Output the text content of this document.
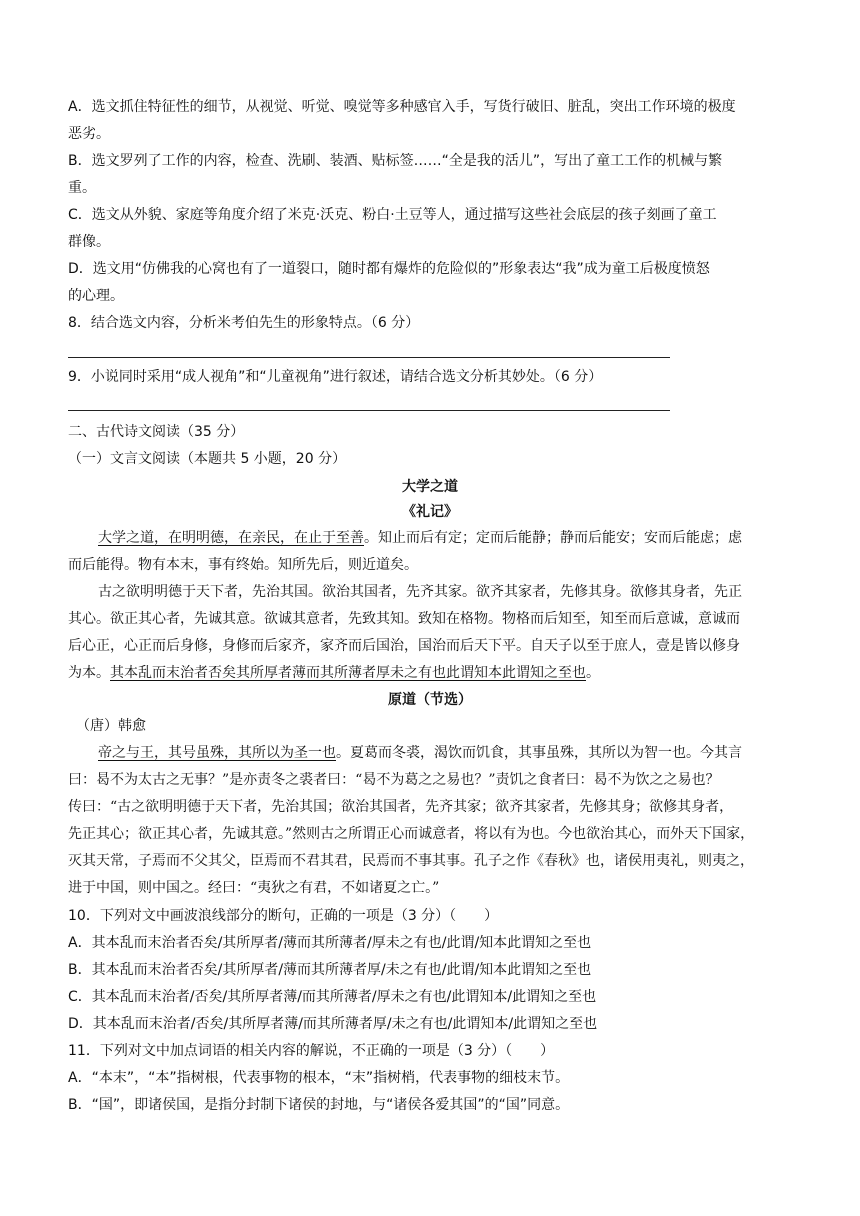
A．选文抓住特征性的细节，从视觉、听觉、嗅觉等多种感官入手，写货行破旧、脏乱，突出工作环境的极度
恶劣。
B．选文罗列了工作的内容，检查、洗刷、装酒、贴标签……“全是我的活儿”，写出了童工工作的机械与繁
重。
C．选文从外貌、家庭等角度介绍了米克·沃克、粉白·土豆等人，通过描写这些社会底层的孩子刻画了童工
群像。
D．选文用“仿佛我的心窝也有了一道裂口，随时都有爆炸的危险似的”形象表达“我”成为童工后极度愤怒
的心理。
8．结合选文内容，分析米考伯先生的形象特点。（6 分）
9．小说同时采用“成人视角”和“儿童视角”进行叙述，请结合选文分析其妙处。（6 分）
二、古代诗文阅读（35 分）
（一）文言文阅读（本题共 5 小题，20 分）
大学之道
《礼记》
大学之道，在明明德，在亲民，在止于至善。知止而后有定；定而后能静；静而后能安；安而后能虑；虑
而后能得。物有本末，事有终始。知所先后，则近道矣。
古之欲明明德于天下者，先治其国。欲治其国者，先齐其家。欲齐其家者，先修其身。欲修其身者，先正
其心。欲正其心者，先诚其意。欲诚其意者，先致其知。致知在格物。物格而后知至，知至而后意诚，意诚而
后心正，心正而后身修，身修而后家齐，家齐而后国治，国治而后天下平。自天子以至于庶人，壹是皆以修身
为本。其本乱而末治者否矣其所厚者薄而其所薄者厚未之有也此谓知本此谓知之至也。
原道（节选）
（唐）韩愈
帝之与王，其号虽殊，其所以为圣一也。夏葛而冬裘，渴饮而饥食，其事虽殊，其所以为智一也。今其言
曰：曷不为太古之无事？”是亦责冬之裘者曰：“曷不为葛之之易也？”责饥之食者曰：曷不为饮之之易也？
传曰：“古之欲明明德于天下者，先治其国；欲治其国者，先齐其家；欲齐其家者，先修其身；欲修其身者，
先正其心；欲正其心者，先诚其意。”然则古之所谓正心而诚意者，将以有为也。今也欲治其心，而外天下国家，
灭其天常，子焉而不父其父，臣焉而不君其君，民焉而不事其事。孔子之作《春秋》也，诸侯用夷礼，则夷之，
进于中国，则中国之。经曰：“夷狄之有君，不如诸夏之亡。”
10．下列对文中画波浪线部分的断句，正确的一项是（3 分）（　　）
A．其本乱而末治者否矣/其所厚者/薄而其所薄者/厚未之有也/此谓/知本此谓知之至也
B．其本乱而末治者否矣/其所厚者/薄而其所薄者厚/未之有也/此谓/知本此谓知之至也
C．其本乱而末治者/否矣/其所厚者薄/而其所薄者/厚未之有也/此谓知本/此谓知之至也
D．其本乱而末治者/否矣/其所厚者薄/而其所薄者厚/未之有也/此谓知本/此谓知之至也
11．下列对文中加点词语的相关内容的解说，不正确的一项是（3 分）（　　）
A．“本末”，“本”指树根，代表事物的根本，“末”指树梢，代表事物的细枝末节。
B．“国”，即诸侯国，是指分封制下诸侯的封地，与“诸侯各爱其国”的“国”同意。
